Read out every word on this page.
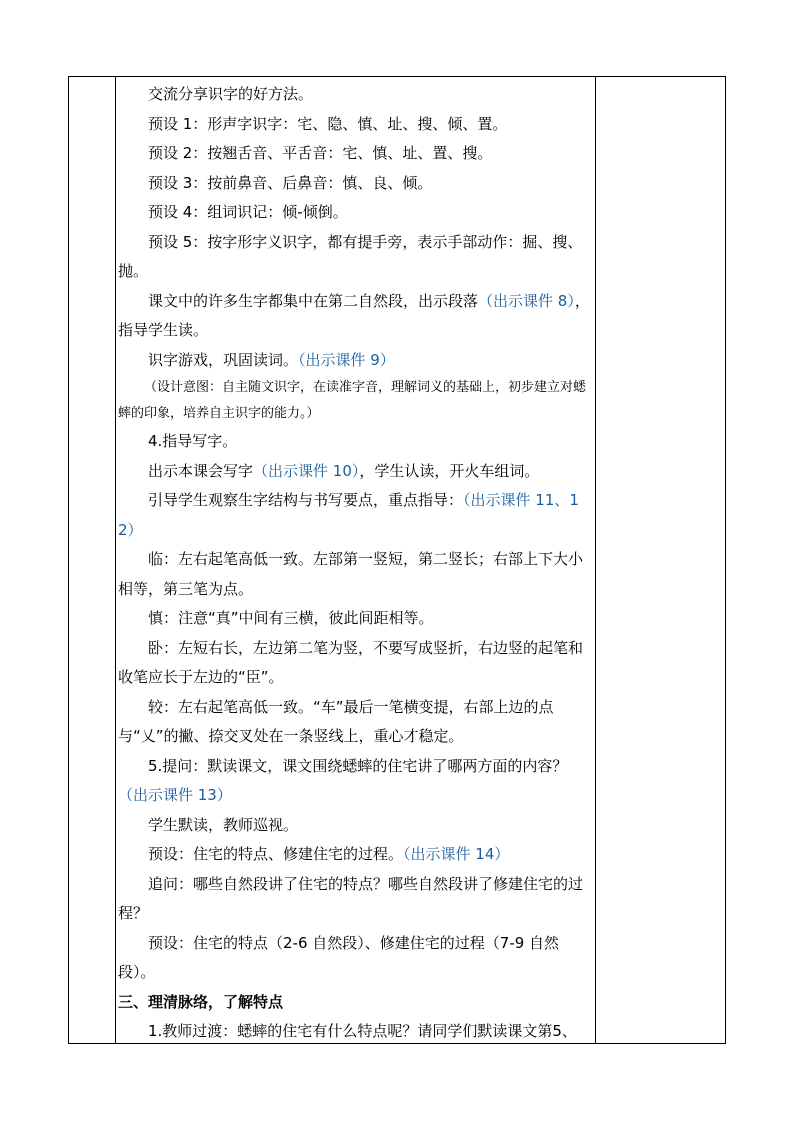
交流分享识字的好方法。

预设 1：形声字识字：宅、隐、慎、址、搜、倾、置。

预设 2：按翘舌音、平舌音：宅、慎、址、置、搜。

预设 3：按前鼻音、后鼻音：慎、良、倾。

预设 4：组词识记：倾-倾倒。

预设 5：按字形字义识字，都有提手旁，表示手部动作：掘、搜、抛。

课文中的许多生字都集中在第二自然段，出示段落（出示课件 8），指导学生读。

识字游戏，巩固读词。（出示课件 9）

（设计意图：自主随文识字，在读准字音，理解词义的基础上，初步建立对蟋蟀的印象，培养自主识字的能力。）

4.指导写字。

出示本课会写字（出示课件 10），学生认读，开火车组词。

引导学生观察生字结构与书写要点，重点指导：（出示课件 11、12）

临：左右起笔高低一致。左部第一竖短，第二竖长；右部上下大小相等，第三笔为点。

慎：注意“真”中间有三横，彼此间距相等。

卧：左短右长，左边第二笔为竖，不要写成竖折，右边竖的起笔和收笔应长于左边的“臣”。

较：左右起笔高低一致。“车”最后一笔横变提，右部上边的点与“乂”的撇、捺交叉处在一条竖线上，重心才稳定。

5.提问：默读课文，课文围绕蟋蟀的住宅讲了哪两方面的内容？（出示课件 13）

学生默读，教师巡视。

预设：住宅的特点、修建住宅的过程。（出示课件 14）

追问：哪些自然段讲了住宅的特点？哪些自然段讲了修建住宅的过程？

预设：住宅的特点（2-6 自然段）、修建住宅的过程（7-9 自然段）。

三、理清脉络，了解特点

1.教师过渡：蟋蟀的住宅有什么特点呢？请同学们默读课文第5、
